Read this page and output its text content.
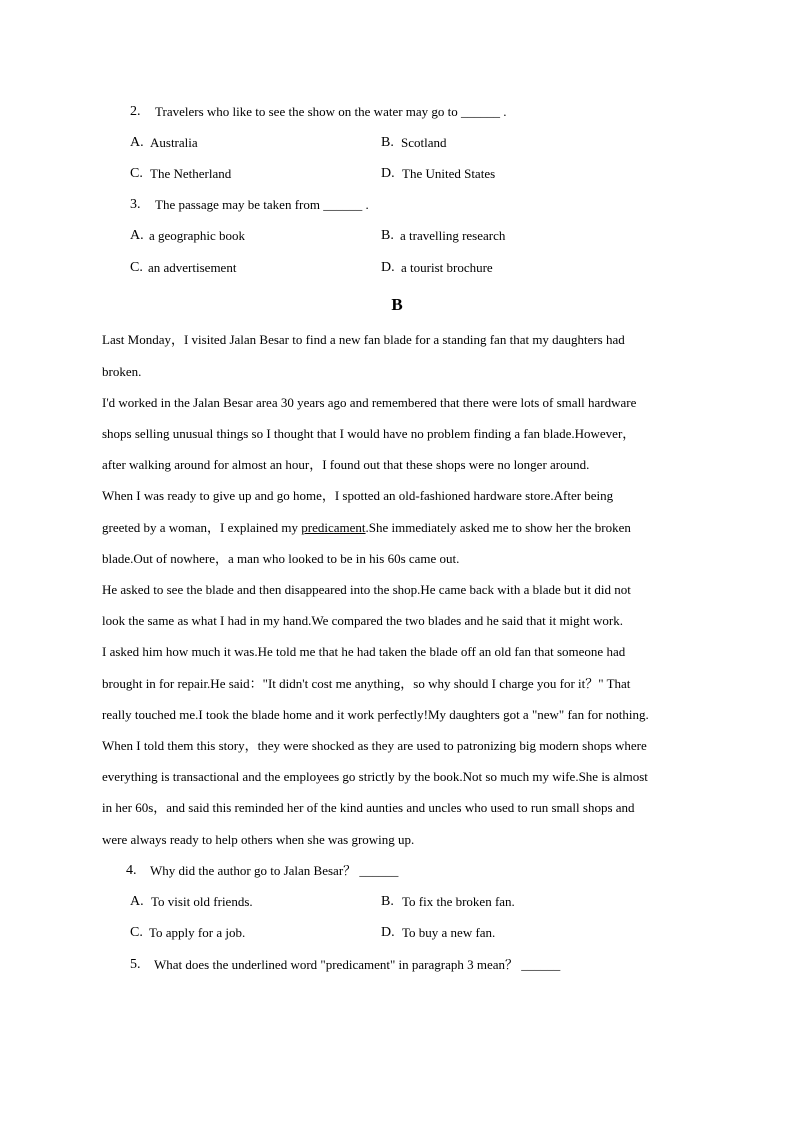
2. Travelers who like to see the show on the water may go to ______ .
A. Australia	B. Scotland
C. The Netherland	D. The United States
3. The passage may be taken from ______ .
A. a geographic book	B. a travelling research
C. an advertisement	D. a tourist brochure
B
Last Monday，I visited Jalan Besar to find a new fan blade for a standing fan that my daughters had
broken.
I'd worked in the Jalan Besar area 30 years ago and remembered that there were lots of small hardware
shops selling unusual things so I thought that I would have no problem finding a fan blade.However，
after walking around for almost an hour，I found out that these shops were no longer around.
When I was ready to give up and go home，I spotted an old-fashioned hardware store.After being
greeted by a woman，I explained my predicament.She immediately asked me to show her the broken
blade.Out of nowhere，a man who looked to be in his 60s came out.
He asked to see the blade and then disappeared into the shop.He came back with a blade but it did not
look the same as what I had in my hand.We compared the two blades and he said that it might work.
I asked him how much it was.He told me that he had taken the blade off an old fan that someone had
brought in for repair.He said："It didn't cost me anything，so why should I charge you for it？" That
really touched me.I took the blade home and it work perfectly!My daughters got a "new" fan for nothing.
When I told them this story，they were shocked as they are used to patronizing big modern shops where
everything is transactional and the employees go strictly by the book.Not so much my wife.She is almost
in her 60s，and said this reminded her of the kind aunties and uncles who used to run small shops and
were always ready to help others when she was growing up.
4. Why did the author go to Jalan Besar？ ______
A. To visit old friends.	B. To fix the broken fan.
C. To apply for a job.	D. To buy a new fan.
5. What does the underlined word "predicament" in paragraph 3 mean？ ______
